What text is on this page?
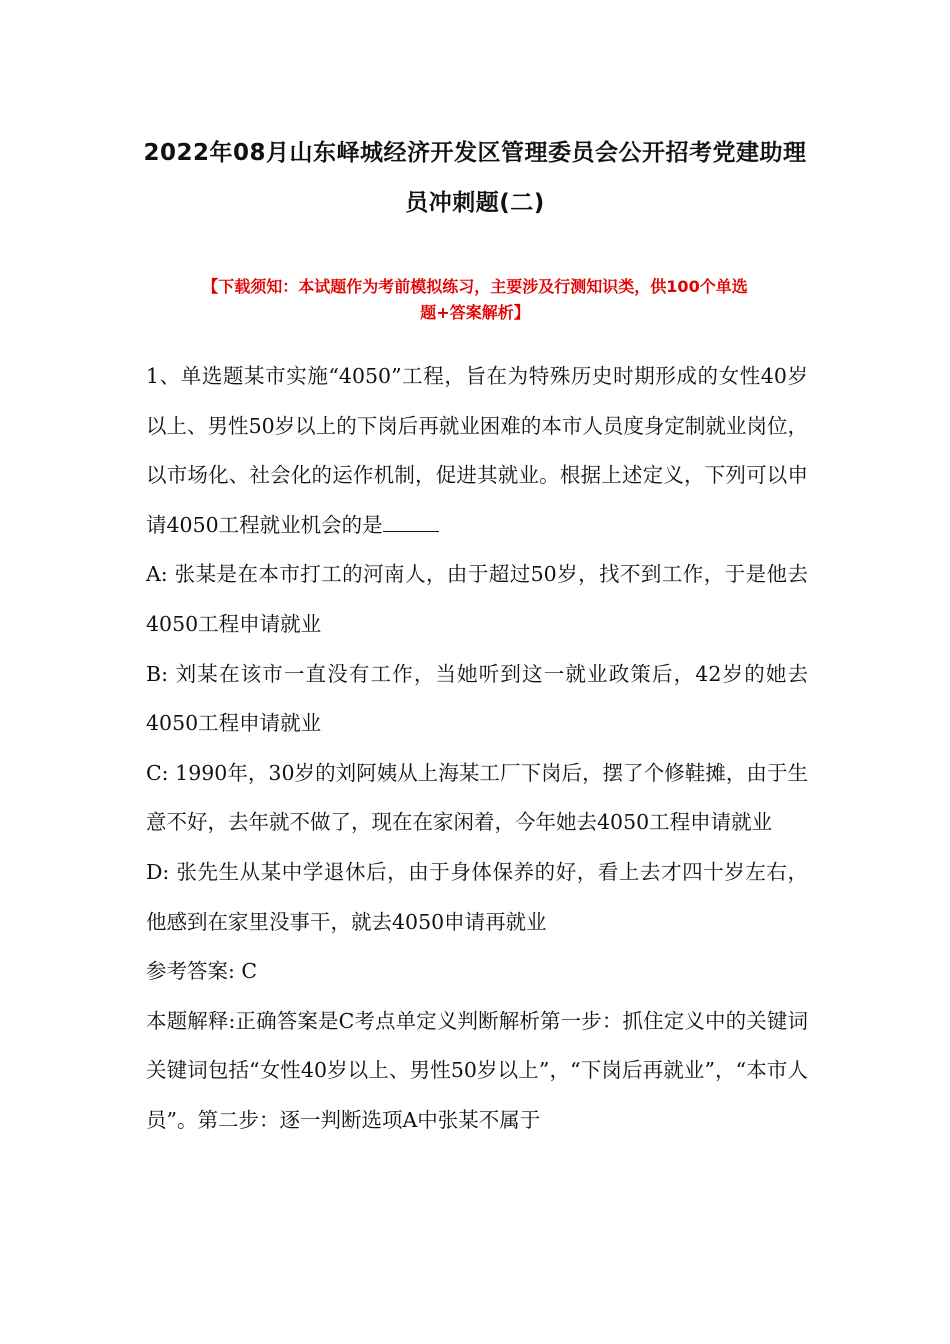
2022年08月山东峄城经济开发区管理委员会公开招考党建助理
员冲刺题(二)
【下载须知：本试题作为考前模拟练习，主要涉及行测知识类，供100个单选
题+答案解析】

1、单选题某市实施“4050”工程，旨在为特殊历史时期形成的女性40岁以上、男性50岁以上的下岗后再就业困难的本市人员度身定制就业岗位，以市场化、社会化的运作机制，促进其就业。根据上述定义，下列可以申请4050工程就业机会的是

A: 张某是在本市打工的河南人，由于超过50岁，找不到工作，于是他去4050工程申请就业

B: 刘某在该市一直没有工作，当她听到这一就业政策后，42岁的她去4050工程申请就业

C: 1990年，30岁的刘阿姨从上海某工厂下岗后，摆了个修鞋摊，由于生意不好，去年就不做了，现在在家闲着，今年她去4050工程申请就业

D: 张先生从某中学退休后，由于身体保养的好，看上去才四十岁左右，他感到在家里没事干，就去4050申请再就业

参考答案: C

本题解释:正确答案是C考点单定义判断解析第一步：抓住定义中的关键词关键词包括“女性40岁以上、男性50岁以上”，“下岗后再就业”，“本市人员”。第二步：逐一判断选项A中张某不属于
